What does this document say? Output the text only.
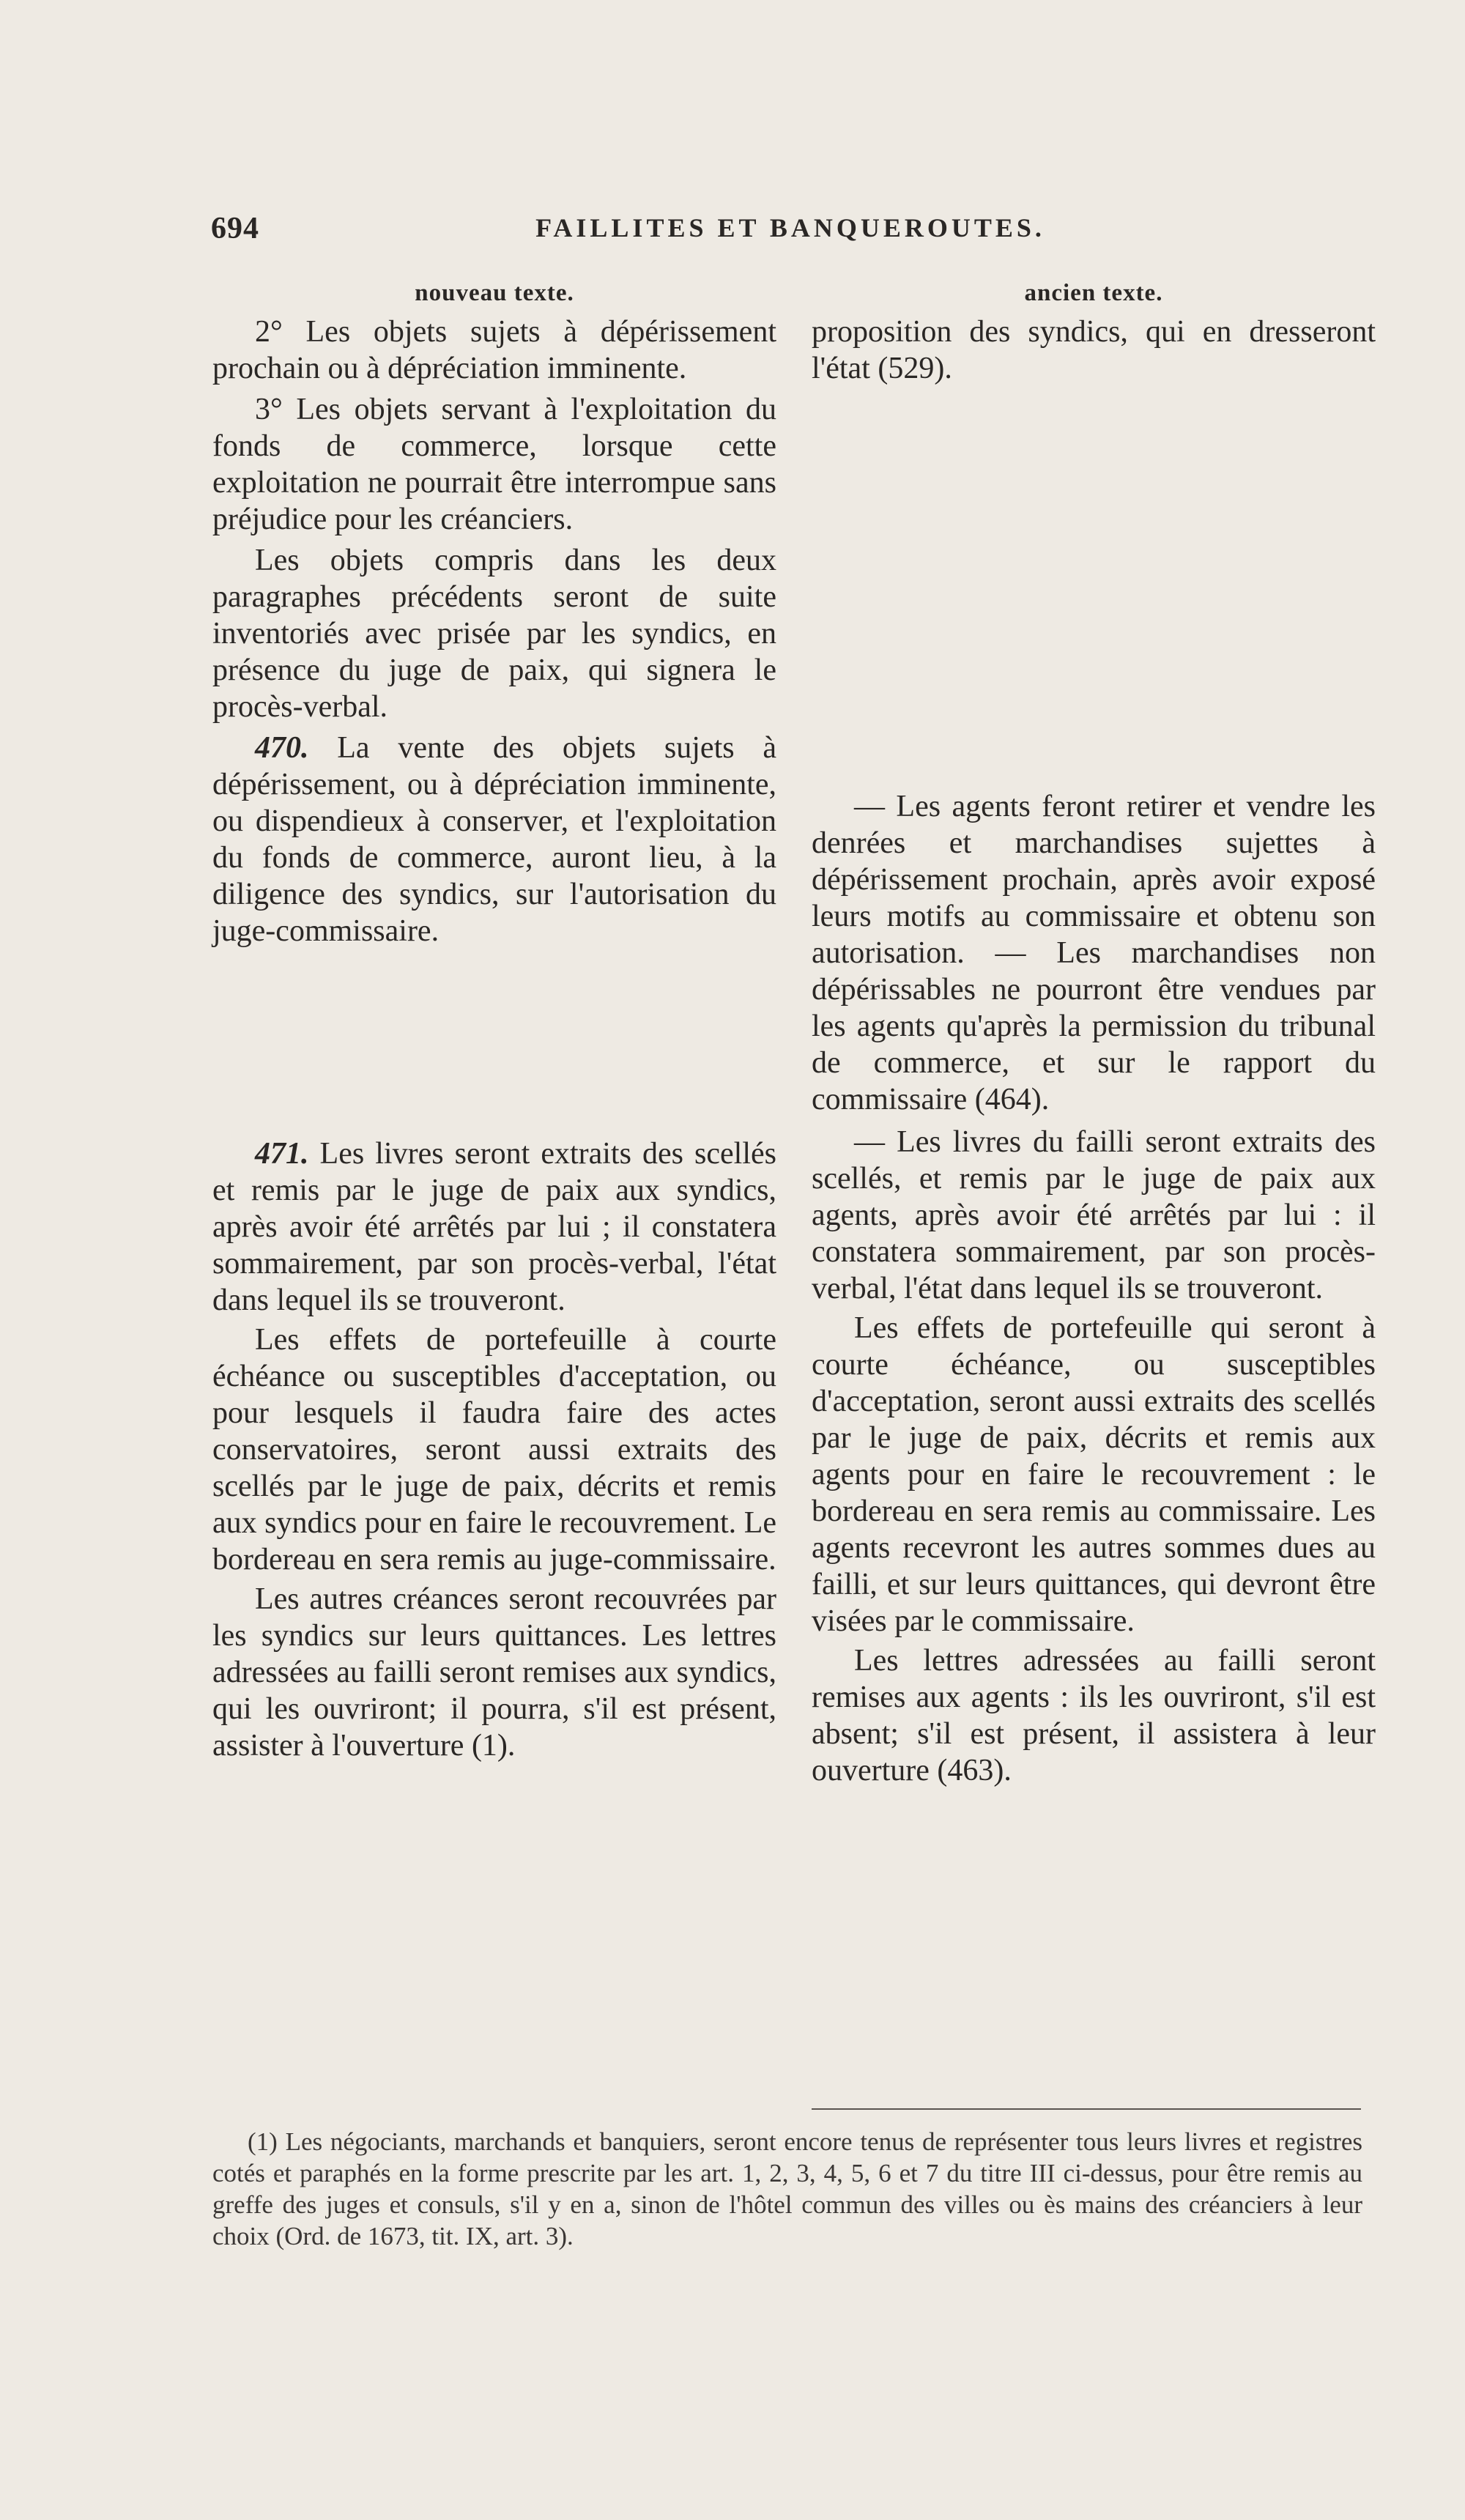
694	FAILLITES ET BANQUEROUTES.
nouveau texte.

2° Les objets sujets à dépérissement prochain ou à dépréciation imminente.

3° Les objets servant à l'exploitation du fonds de commerce, lorsque cette exploitation ne pourrait être interrompue sans préjudice pour les créanciers.

Les objets compris dans les deux paragraphes précédents seront de suite inventoriés avec prisée par les syndics, en présence du juge de paix, qui signera le procès-verbal.

470. La vente des objets sujets à dépérissement, ou à dépréciation imminente, ou dispendieux à conserver, et l'exploitation du fonds de commerce, auront lieu, à la diligence des syndics, sur l'autorisation du juge-commissaire.

471. Les livres seront extraits des scellés et remis par le juge de paix aux syndics, après avoir été arrêtés par lui ; il constatera sommairement, par son procès-verbal, l'état dans lequel ils se trouveront.

Les effets de portefeuille à courte échéance ou susceptibles d'acceptation, ou pour lesquels il faudra faire des actes conservatoires, seront aussi extraits des scellés par le juge de paix, décrits et remis aux syndics pour en faire le recouvrement. Le bordereau en sera remis au juge-commissaire.

Les autres créances seront recouvrées par les syndics sur leurs quittances. Les lettres adressées au failli seront remises aux syndics, qui les ouvriront; il pourra, s'il est présent, assister à l'ouverture (1).

ancien texte.

proposition des syndics, qui en dresseront l'état (529).

— Les agents feront retirer et vendre les denrées et marchandises sujettes à dépérissement prochain, après avoir exposé leurs motifs au commissaire et obtenu son autorisation. — Les marchandises non dépérissables ne pourront être vendues par les agents qu'après la permission du tribunal de commerce, et sur le rapport du commissaire (464).

— Les livres du failli seront extraits des scellés, et remis par le juge de paix aux agents, après avoir été arrêtés par lui : il constatera sommairement, par son procès-verbal, l'état dans lequel ils se trouveront.

Les effets de portefeuille qui seront à courte échéance, ou susceptibles d'acceptation, seront aussi extraits des scellés par le juge de paix, décrits et remis aux agents pour en faire le recouvrement : le bordereau en sera remis au commissaire. Les agents recevront les autres sommes dues au failli, et sur leurs quittances, qui devront être visées par le commissaire.

Les lettres adressées au failli seront remises aux agents : ils les ouvriront, s'il est absent; s'il est présent, il assistera à leur ouverture (463).

(1) Les négociants, marchands et banquiers, seront encore tenus de représenter tous leurs livres et registres cotés et paraphés en la forme prescrite par les art. 1, 2, 3, 4, 5, 6 et 7 du titre III ci-dessus, pour être remis au greffe des juges et consuls, s'il y en a, sinon de l'hôtel commun des villes ou ès mains des créanciers à leur choix (Ord. de 1673, tit. IX, art. 3).
